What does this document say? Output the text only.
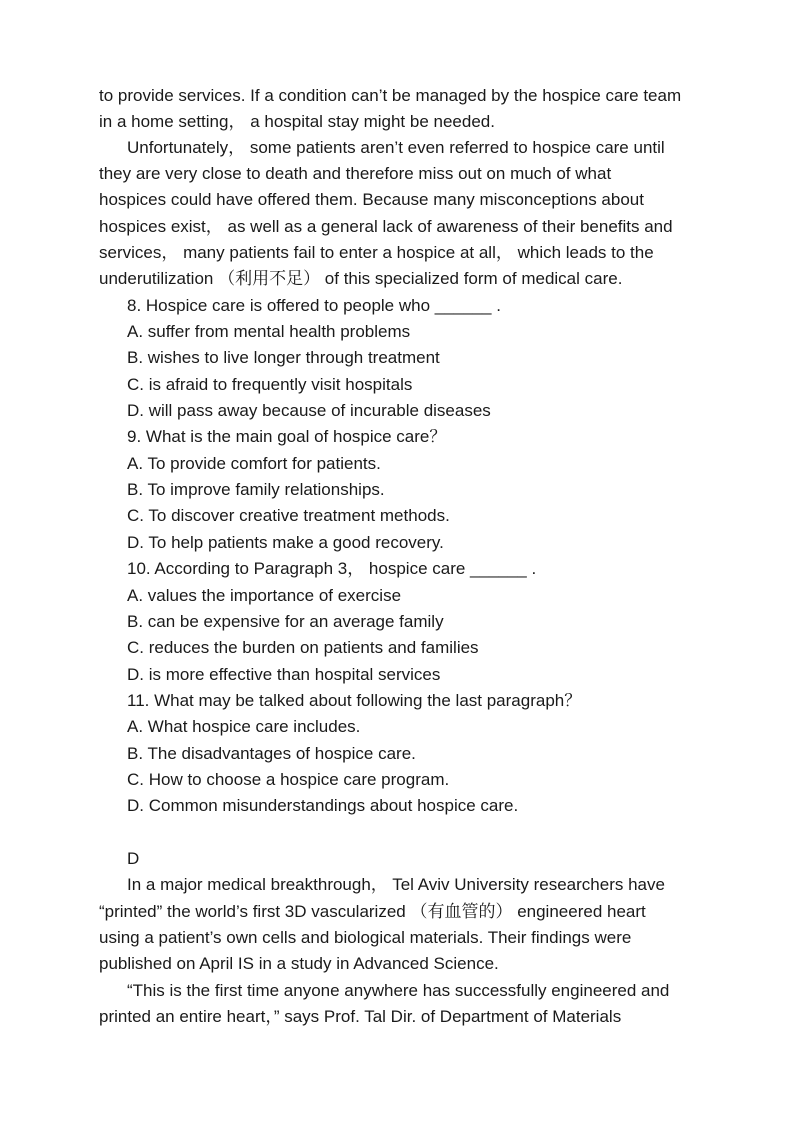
to provide services. If a condition can’t be managed by the hospice care team
in a home setting， a hospital stay might be needed.
Unfortunately， some patients aren’t even referred to hospice care until
they are very close to death and therefore miss out on much of what
hospices could have offered them. Because many misconceptions about
hospices exist， as well as a general lack of awareness of their benefits and
services， many patients fail to enter a hospice at all， which leads to the
underutilization （利用不足） of this specialized form of medical care.
8. Hospice care is offered to people who ______ .
A. suffer from mental health problems
B. wishes to live longer through treatment
C. is afraid to frequently visit hospitals
D. will pass away because of incurable diseases
9. What is the main goal of hospice care？
A. To provide comfort for patients.
B. To improve family relationships.
C. To discover creative treatment methods.
D. To help patients make a good recovery.
10. According to Paragraph 3， hospice care ______ .
A. values the importance of exercise
B. can be expensive for an average family
C. reduces the burden on patients and families
D. is more effective than hospital services
11. What may be talked about following the last paragraph？
A. What hospice care includes.
B. The disadvantages of hospice care.
C. How to choose a hospice care program.
D. Common misunderstandings about hospice care.
D
In a major medical breakthrough， Tel Aviv University researchers have
“printed” the world’s first 3D vascularized （有血管的） engineered heart
using a patient’s own cells and biological materials. Their findings were
published on April IS in a study in Advanced Science.
“This is the first time anyone anywhere has successfully engineered and
printed an entire heart，” says Prof. Tal Dir. of Department of Materials
